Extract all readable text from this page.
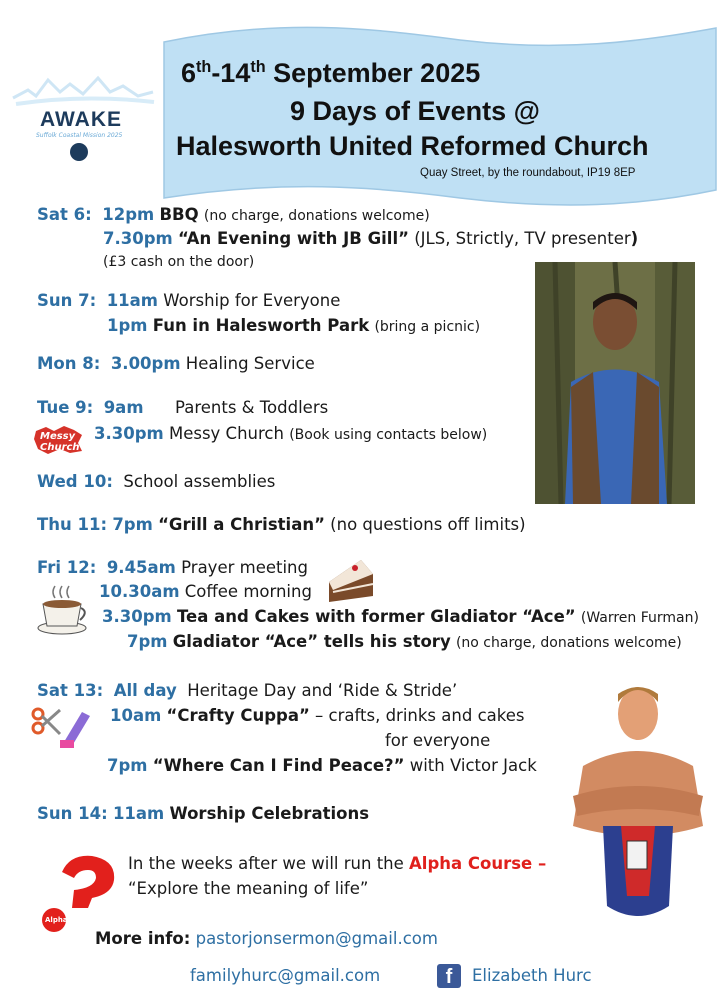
AWAKE
Suffolk Coastal Mission 2025
6th-14th September 2025
9 Days of Events @
Halesworth United Reformed Church
Quay Street, by the roundabout, IP19 8EP
Sat 6: 12pm BBQ (no charge, donations welcome)
7.30pm “An Evening with JB Gill” (JLS, Strictly, TV presenter)
(£3 cash on the door)
Sun 7: 11am Worship for Everyone
1pm Fun in Halesworth Park (bring a picnic)
Mon 8: 3.00pm Healing Service
Tue 9: 9am Parents & Toddlers
Messy Church
3.30pm Messy Church (Book using contacts below)
Wed 10: School assemblies
Thu 11: 7pm “Grill a Christian” (no questions off limits)
Fri 12: 9.45am Prayer meeting
10.30am Coffee morning
3.30pm Tea and Cakes with former Gladiator “Ace” (Warren Furman)
7pm Gladiator “Ace” tells his story (no charge, donations welcome)
Sat 13: All day Heritage Day and ‘Ride & Stride’
10am “Crafty Cuppa” – crafts, drinks and cakes
for everyone
7pm “Where Can I Find Peace?” with Victor Jack
Sun 14: 11am Worship Celebrations
Alpha
In the weeks after we will run the Alpha Course –
“Explore the meaning of life”
More info: pastorjonsermon@gmail.com
familyhurc@gmail.com	f	Elizabeth Hurc
